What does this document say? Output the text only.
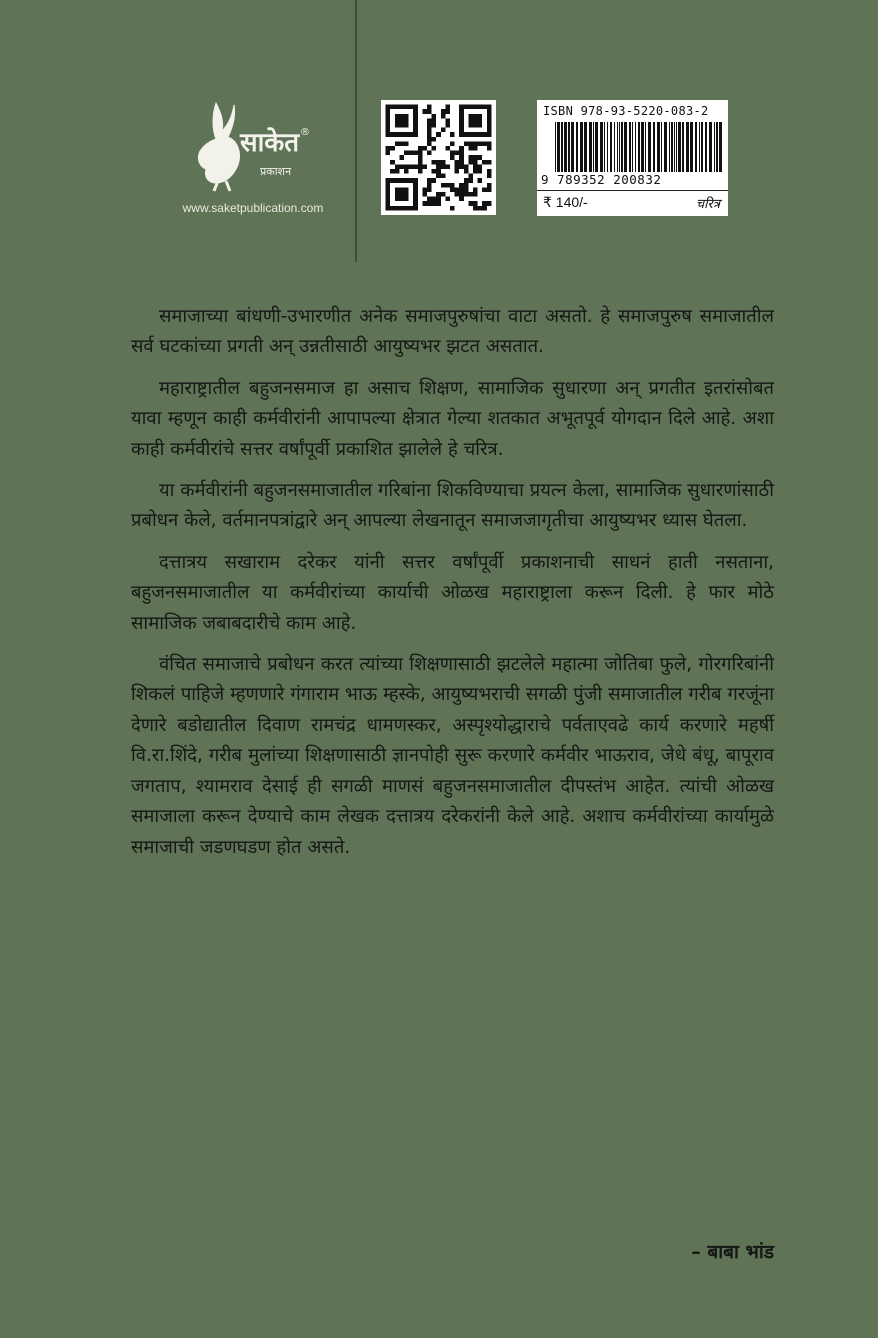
साकेत ®
प्रकाशन
www.saketpublication.com
ISBN 978-93-5220-083-2
9 789352 200832
₹ 140/-	चरित्र

समाजाच्या बांधणी-उभारणीत अनेक समाजपुरुषांचा वाटा असतो. हे समाजपुरुष समाजातील सर्व घटकांच्या प्रगती अन् उन्नतीसाठी आयुष्यभर झटत असतात.

महाराष्ट्रातील बहुजनसमाज हा असाच शिक्षण, सामाजिक सुधारणा अन् प्रगतीत इतरांसोबत यावा म्हणून काही कर्मवीरांनी आपापल्या क्षेत्रात गेल्या शतकात अभूतपूर्व योगदान दिले आहे. अशा काही कर्मवीरांचे सत्तर वर्षांपूर्वी प्रकाशित झालेले हे चरित्र.

या कर्मवीरांनी बहुजनसमाजातील गरिबांना शिकविण्याचा प्रयत्न केला, सामाजिक सुधारणांसाठी प्रबोधन केले, वर्तमानपत्रांद्वारे अन् आपल्या लेखनातून समाजजागृतीचा आयुष्यभर ध्यास घेतला.

दत्तात्रय सखाराम दरेकर यांनी सत्तर वर्षांपूर्वी प्रकाशनाची साधनं हाती नसताना, बहुजनसमाजातील या कर्मवीरांच्या कार्याची ओळख महाराष्ट्राला करून दिली. हे फार मोठे सामाजिक जबाबदारीचे काम आहे.

वंचित समाजाचे प्रबोधन करत त्यांच्या शिक्षणासाठी झटलेले महात्मा जोतिबा फुले, गोरगरिबांनी शिकलं पाहिजे म्हणणारे गंगाराम भाऊ म्हस्के, आयुष्यभराची सगळी पुंजी समाजातील गरीब गरजूंना देणारे बडोद्यातील दिवाण रामचंद्र धामणस्कर, अस्पृश्योद्धाराचे पर्वताएवढे कार्य करणारे महर्षी वि.रा.शिंदे, गरीब मुलांच्या शिक्षणासाठी ज्ञानपोही सुरू करणारे कर्मवीर भाऊराव, जेधे बंधू, बापूराव जगताप, श्यामराव देसाई ही सगळी माणसं बहुजनसमाजातील दीपस्तंभ आहेत. त्यांची ओळख समाजाला करून देण्याचे काम लेखक दत्तात्रय दरेकरांनी केले आहे. अशाच कर्मवीरांच्या कार्यामुळे समाजाची जडणघडण होत असते.

– बाबा भांड
